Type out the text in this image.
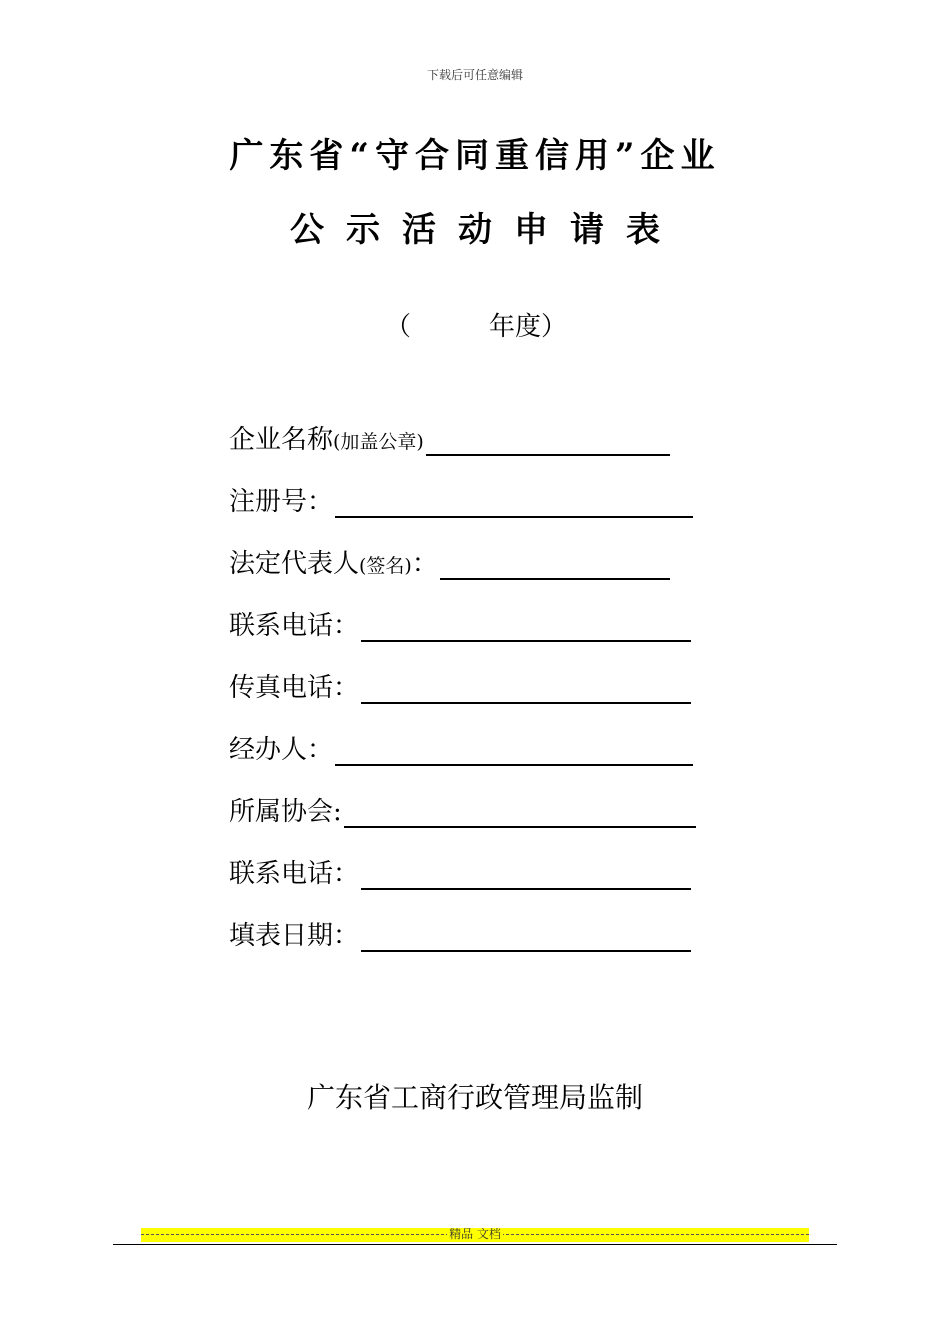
下载后可任意编辑
广东省“守合同重信用”企业
公示活动申请表
（	年度）
企业名称(加盖公章)
注册号：
法定代表人(签名)：
联系电话：
传真电话：
经办人：
所属协会:
联系电话：
填表日期：
广东省工商行政管理局监制
精品 文档
